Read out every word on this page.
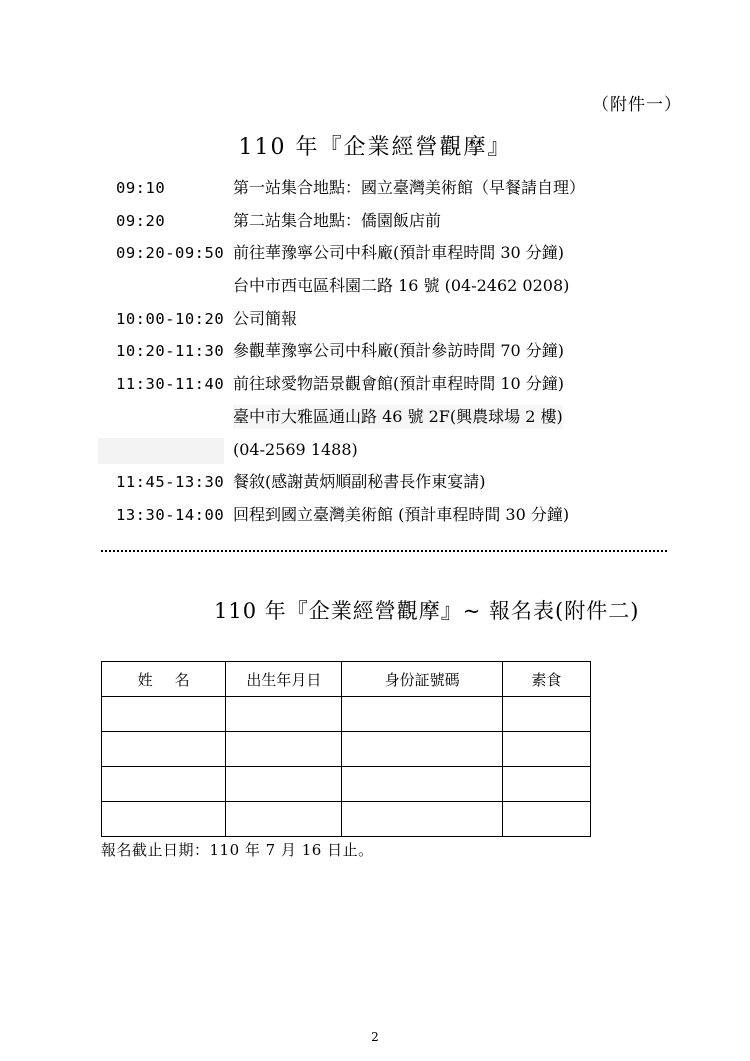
（附件一）
110 年『企業經營觀摩』
09:10	第一站集合地點：國立臺灣美術館（早餐請自理）
09:20	第二站集合地點：僑園飯店前
09:20-09:50 前往華豫寧公司中科廠(預計車程時間 30 分鐘)
台中市西屯區科園二路 16 號 (04-2462 0208)
10:00-10:20 公司簡報
10:20-11:30 參觀華豫寧公司中科廠(預計參訪時間 70 分鐘)
11:30-11:40 前往球愛物語景觀會館(預計車程時間 10 分鐘)
臺中市大雅區通山路 46 號 2F(興農球場 2 樓)
(04-2569 1488)
11:45-13:30 餐敘(感謝黃炳順副秘書長作東宴請)
13:30-14:00 回程到國立臺灣美術館 (預計車程時間 30 分鐘)
110 年『企業經營觀摩』~ 報名表(附件二)
姓名	出生年月日	身份証號碼	素食

報名截止日期：110 年 7 月 16 日止。
2
